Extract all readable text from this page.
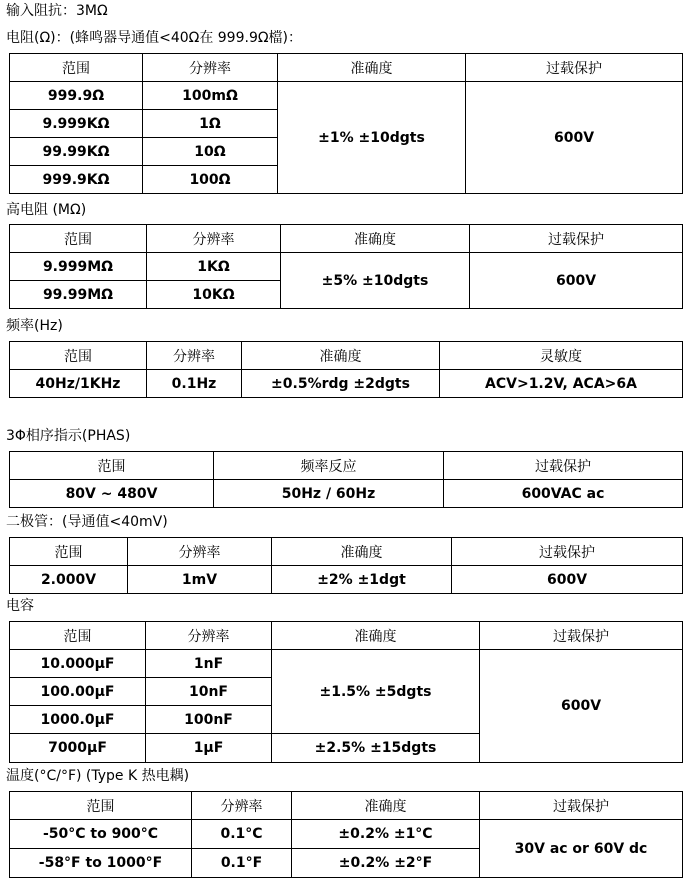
输入阻抗：3MΩ
电阻(Ω)：(蜂鸣器导通值<40Ω在 999.9Ω檔)：
范围	分辨率	准确度	过载保护
999.9Ω	100mΩ	±1% ±10dgts	600V
9.999KΩ	1Ω		
99.99KΩ	10Ω		
999.9KΩ	100Ω		
高电阻 (MΩ)
范围	分辨率	准确度	过载保护
9.999MΩ	1KΩ	±5% ±10dgts	600V
99.99MΩ	10KΩ		
频率(Hz)
范围	分辨率	准确度	灵敏度
40Hz/1KHz	0.1Hz	±0.5%rdg ±2dgts	ACV>1.2V, ACA>6A
3Φ相序指示(PHAS)
范围	频率反应	过载保护
80V ~ 480V	50Hz / 60Hz	600VAC ac
二极管：(导通值<40mV)
范围	分辨率	准确度	过载保护
2.000V	1mV	±2% ±1dgt	600V
电容
范围	分辨率	准确度	过载保护
10.000μF	1nF	±1.5% ±5dgts	600V
100.00μF	10nF		
1000.0μF	100nF		
7000μF	1μF	±2.5% ±15dgts	
温度(°C/°F) (Type K 热电耦)
范围	分辨率	准确度	过载保护
-50°C to 900°C	0.1°C	±0.2% ±1°C	30V ac or 60V dc
-58°F to 1000°F	0.1°F	±0.2% ±2°F	
